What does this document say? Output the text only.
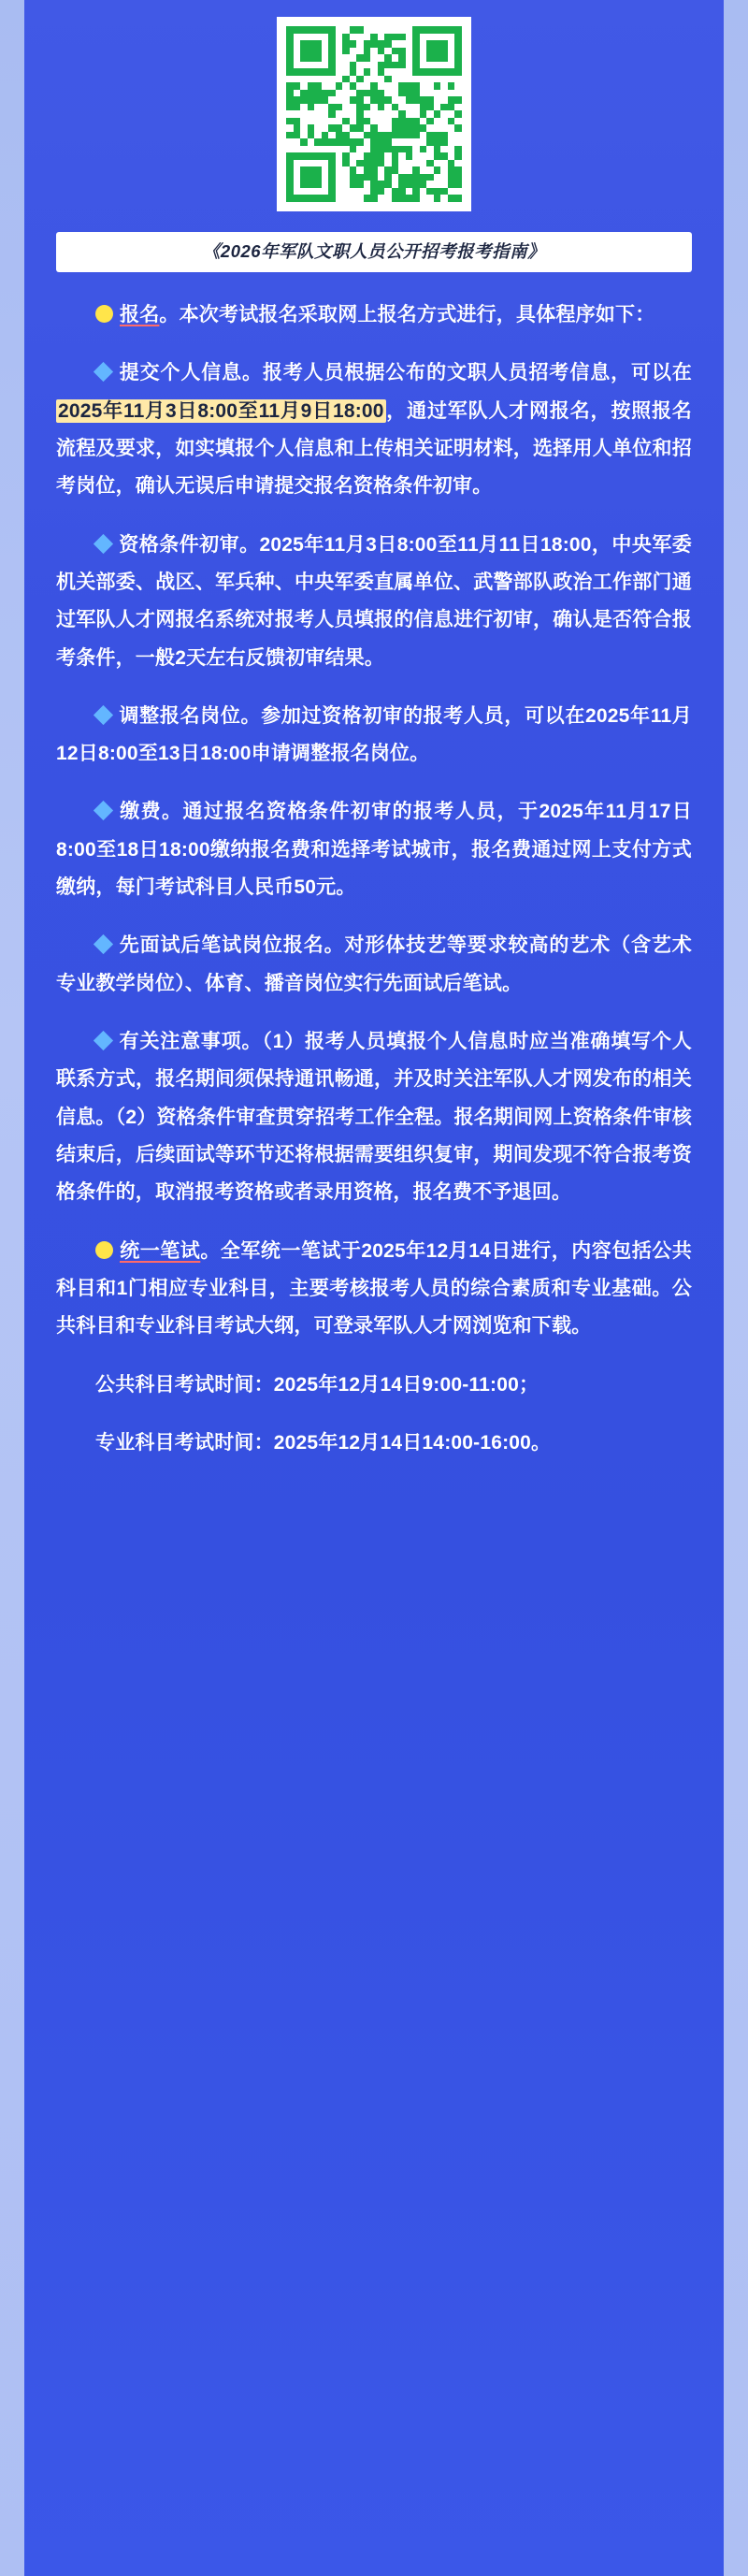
《2026年军队文职人员公开招考报考指南》

报名。本次考试报名采取网上报名方式进行，具体程序如下：

提交个人信息。报考人员根据公布的文职人员招考信息，可以在2025年11月3日8:00至11月9日18:00，通过军队人才网报名，按照报名流程及要求，如实填报个人信息和上传相关证明材料，选择用人单位和招考岗位，确认无误后申请提交报名资格条件初审。

资格条件初审。2025年11月3日8:00至11月11日18:00，中央军委机关部委、战区、军兵种、中央军委直属单位、武警部队政治工作部门通过军队人才网报名系统对报考人员填报的信息进行初审，确认是否符合报考条件，一般2天左右反馈初审结果。

调整报名岗位。参加过资格初审的报考人员，可以在2025年11月12日8:00至13日18:00申请调整报名岗位。

缴费。通过报名资格条件初审的报考人员，于2025年11月17日8:00至18日18:00缴纳报名费和选择考试城市，报名费通过网上支付方式缴纳，每门考试科目人民币50元。

先面试后笔试岗位报名。对形体技艺等要求较高的艺术（含艺术专业教学岗位）、体育、播音岗位实行先面试后笔试。

有关注意事项。（1）报考人员填报个人信息时应当准确填写个人联系方式，报名期间须保持通讯畅通，并及时关注军队人才网发布的相关信息。（2）资格条件审查贯穿招考工作全程。报名期间网上资格条件审核结束后，后续面试等环节还将根据需要组织复审，期间发现不符合报考资格条件的，取消报考资格或者录用资格，报名费不予退回。

统一笔试。全军统一笔试于2025年12月14日进行，内容包括公共科目和1门相应专业科目，主要考核报考人员的综合素质和专业基础。公共科目和专业科目考试大纲，可登录军队人才网浏览和下载。

公共科目考试时间：2025年12月14日9:00-11:00；

专业科目考试时间：2025年12月14日14:00-16:00。
